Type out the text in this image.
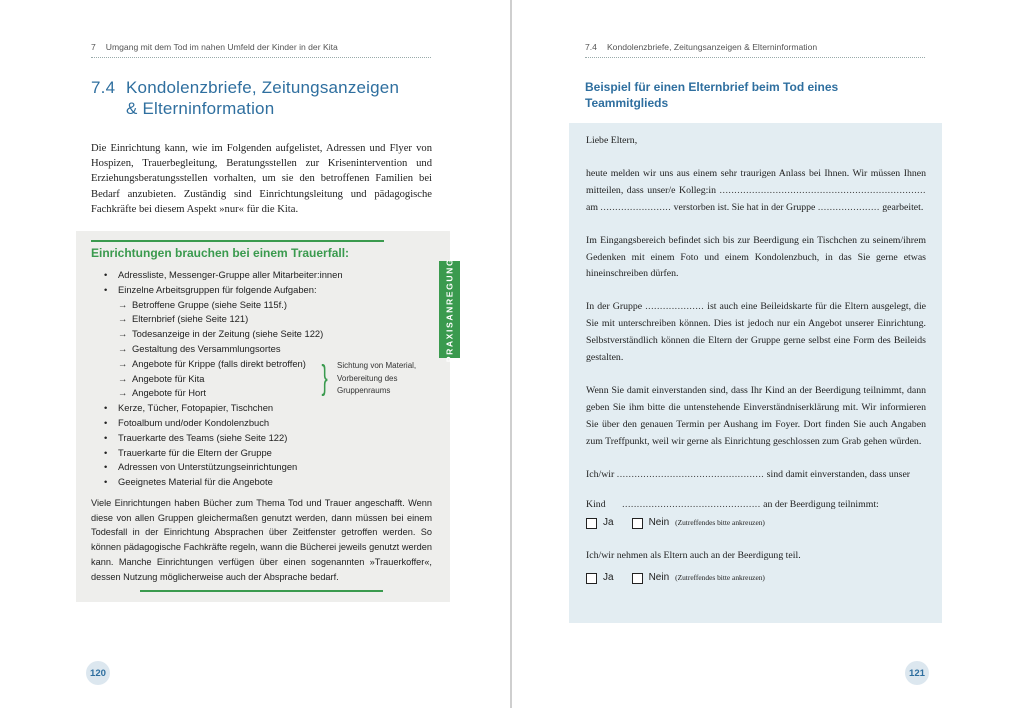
7 Umgang mit dem Tod im nahen Umfeld der Kinder in der Kita
7.4 Kondolenzbriefe, Zeitungsanzeigen
& Elterninformation
Die Einrichtung kann, wie im Folgenden aufgelistet, Adressen und Flyer von Hospizen, Trauerbegleitung, Beratungsstellen zur Krisenintervention und Erziehungsberatungsstellen vorhalten, um sie den betroffenen Familien bei Bedarf anzubieten. Zuständig sind Einrichtungsleitung und pädagogische Fachkräfte bei diesem Aspekt »nur« für die Kita.
Einrichtungen brauchen bei einem Trauerfall:
•	Adressliste, Messenger-Gruppe aller Mitarbeiter:innen
•	Einzelne Arbeitsgruppen für folgende Aufgaben:
→ Betroffene Gruppe (siehe Seite 115f.)
→ Elternbrief (siehe Seite 121)
→ Todesanzeige in der Zeitung (siehe Seite 122)
→ Gestaltung des Versammlungsortes
→ Angebote für Krippe (falls direkt betroffen)
→ Angebote für Kita
→ Angebote für Hort
•	Kerze, Tücher, Fotopapier, Tischchen
•	Fotoalbum und/oder Kondolenzbuch
•	Trauerkarte des Teams (siehe Seite 122)
•	Trauerkarte für die Eltern der Gruppe
•	Adressen von Unterstützungseinrichtungen
•	Geeignetes Material für die Angebote
} Sichtung von Material,
Vorbereitung des
Gruppenraums
Viele Einrichtungen haben Bücher zum Thema Tod und Trauer angeschafft. Wenn diese von allen Gruppen gleichermaßen genutzt werden, dann müssen bei einem Todesfall in der Einrichtung Absprachen über Zeitfenster getroffen werden. So können pädagogische Fachkräfte regeln, wann die Bücherei jeweils genutzt werden kann. Manche Einrichtungen verfügen über einen sogenannten »Trauerkoffer«, dessen Nutzung möglicherweise auch der Absprache bedarf.
PRAXISANREGUNG
120
7.4 Kondolenzbriefe, Zeitungsanzeigen & Elterninformation
Beispiel für einen Elternbrief beim Tod eines
Teammitglieds

Liebe Eltern,

heute melden wir uns aus einem sehr traurigen Anlass bei Ihnen. Wir müssen Ihnen mitteilen, dass unser/e Kolleg:in ...................................................................... am ........................ verstorben ist. Sie hat in der Gruppe ..................... gearbeitet.

Im Eingangsbereich befindet sich bis zur Beerdigung ein Tischchen zu seinem/ihrem Gedenken mit einem Foto und einem Kondolenzbuch, in das Sie gerne etwas hineinschreiben dürfen.

In der Gruppe .................... ist auch eine Beileidskarte für die Eltern ausgelegt, die Sie mit unterschreiben können. Dies ist jedoch nur ein Angebot unserer Einrichtung. Selbstverständlich können die Eltern der Gruppe gerne selbst eine Form des Beileids gestalten.

Wenn Sie damit einverstanden sind, dass Ihr Kind an der Beerdigung teilnimmt, dann geben Sie ihm bitte die untenstehende Einverständniserklärung mit. Wir informieren Sie über den genauen Termin per Aushang im Foyer. Dort finden Sie auch Angaben zum Treffpunkt, weil wir gerne als Einrichtung geschlossen zum Grab gehen würden.

Ich/wir .................................................. sind damit einverstanden, dass unser
Kind ............................................... an der Beerdigung teilnimmt:
Ja	Nein (Zutreffendes bitte ankreuzen)
Ich/wir nehmen als Eltern auch an der Beerdigung teil.
Ja	Nein (Zutreffendes bitte ankreuzen)
121
